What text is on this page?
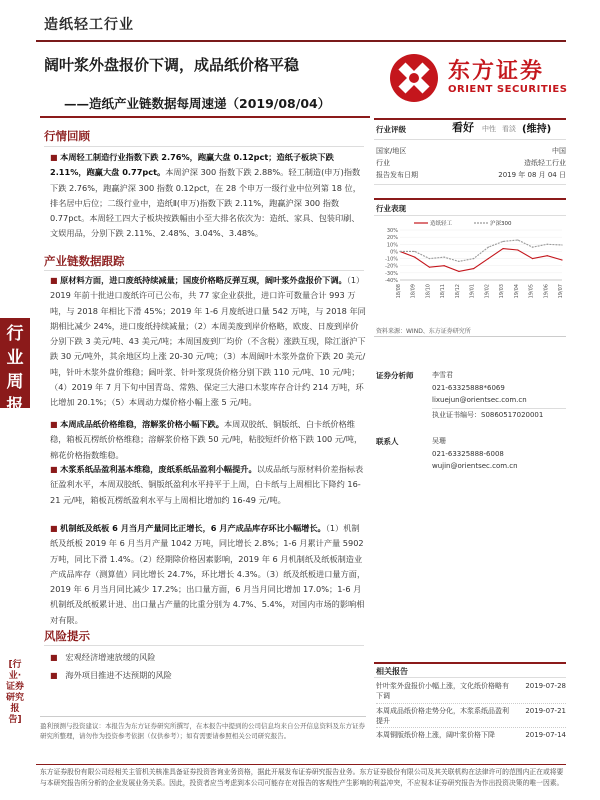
造纸轻工行业
阔叶浆外盘报价下调，成品纸价格平稳
——造纸产业链数据每周速递（2019/08/04）
东方证券
ORIENT SECURITIES
行
业
周
报
[行业·证券研究报告]
行情回顾
■ 本周轻工制造行业指数下跌 2.76%，跑赢大盘 0.12pct；造纸子板块下跌 2.11%，跑赢大盘 0.77pct。本周沪深 300 指数下跌 2.88%。轻工制造(申万)指数下跌 2.76%，跑赢沪深 300 指数 0.12pct，在 28 个申万一级行业中位列第 18 位，排名居中后位；二级行业中，造纸Ⅱ(申万)指数下跌 2.11%，跑赢沪深 300 指数 0.77pct。本周轻工四大子板块按跌幅由小至大排名依次为：造纸、家具、包装印刷、文娱用品，分别下跌 2.11%、2.48%、3.04%、3.48%。
产业链数据跟踪
■ 原材料方面，进口废纸持续减量；国废价格略反弹互现，阔叶浆外盘报价下调。（1）2019 年前十批进口废纸许可已公布，共 77 家企业获批，进口许可数量合计 993 万吨，与 2018 年相比下滑 45%；2019 年 1-6 月废纸进口量 542 万吨，与 2018 年同期相比减少 24%，进口废纸持续减量；（2）本周美废到岸价格略，欧废、日废到岸价分别下跌 3 美元/吨、43 美元/吨；本周国废到厂均价（不含税）涨跌互现，除江浙沪下跌 30 元/吨外，其余地区均上涨 20-30 元/吨；（3）本周阔叶木浆外盘价下跌 20 美元/吨，针叶木浆外盘价维稳；阔叶浆、针叶浆现货价格分别下跌 110 元/吨、10 元/吨；（4）2019 年 7 月下旬中国青岛、常熟、保定三大港口木浆库存合计约 214 万吨，环比增加 20.1%；（5）本周动力煤价格小幅上涨 5 元/吨。
■ 本周成品纸价格维稳，溶解浆价格小幅下跌。本周双胶纸、铜版纸、白卡纸价格维稳，箱板瓦楞纸价格维稳；溶解浆价格下跌 50 元/吨，粘胶短纤价格下跌 100 元/吨，棉花价格指数维稳。
■ 木浆系纸品盈利基本维稳，废纸系纸品盈利小幅提升。以成品纸与原材料价差指标表征盈利水平，本周双胶纸、铜版纸盈利水平持平于上周，白卡纸与上周相比下降约 16-21 元/吨，箱板瓦楞纸盈利水平与上周相比增加约 16-49 元/吨。
■ 机制纸及纸板 6 月当月产量同比正增长，6 月产成品库存环比小幅增长。（1）机制纸及纸板 2019 年 6 月当月产量 1042 万吨，同比增长 2.8%；1-6 月累计产量 5902 万吨，同比下滑 1.4%。（2）经期除价格因素影响，2019 年 6 月机制纸及纸板制造业产成品库存（测算值）同比增长 24.7%，环比增长 4.3%。（3）纸及纸板进口量方面，2019 年 6 月当月同比减少 17.2%；出口量方面，6 月当月同比增加 17.0%；1-6 月机制纸及纸板累计进、出口量占产量的比重分别为 4.7%、5.4%，对国内市场的影响相对有限。
风险提示
■ 宏观经济增速放缓的风险
■ 海外项目推进不达预期的风险
盈利预测与投资建议：本报告为东方证券研究所撰写，在本报告中提到的公司信息均来自公开信息资料及东方证券研究所整理，请勿作为投资参考依据（仅供参考）；如有需要请参照相关公司研究报告。
行业评级	看好 中性 看淡 (维持)
国家/地区	中国
行业	造纸轻工行业
报告发布日期	2019 年 08 月 04 日
行业表现
造纸轻工	沪深300
30%
20%
10%
0%
-10%
-20%
-30%
-40%
18/08 18/09 18/10 18/11 18/12 19/01 19/02 19/03 19/04 19/05 19/06 19/07
资料来源：WIND、东方证券研究所
证券分析师	李雪君
021-63325888*6069
lixuejun@orientsec.com.cn
执业证书编号：S0860517020001
联系人	吴珊
021-63325888-6008
wujin@orientsec.com.cn
相关报告
针叶浆外盘报价小幅上涨，文化纸价格略有 2019-07-28
下调
本周成品纸价格走势分化，木浆系纸品盈利 2019-07-21
提升
本周铜版纸价格上涨，阔叶浆价格下降	2019-07-14
东方证券股份有限公司经相关主管机关核准具备证券投资咨询业务资格，据此开展发布证券研究报告业务。东方证券股份有限公司及其关联机构在法律许可的范围内正在或将要与本研究报告所分析的企业发展业务关系。因此，投资者应当考虑到本公司可能存在对报告的客观性产生影响的利益冲突，不应视本证券研究报告为作出投资决策的唯一因素。
